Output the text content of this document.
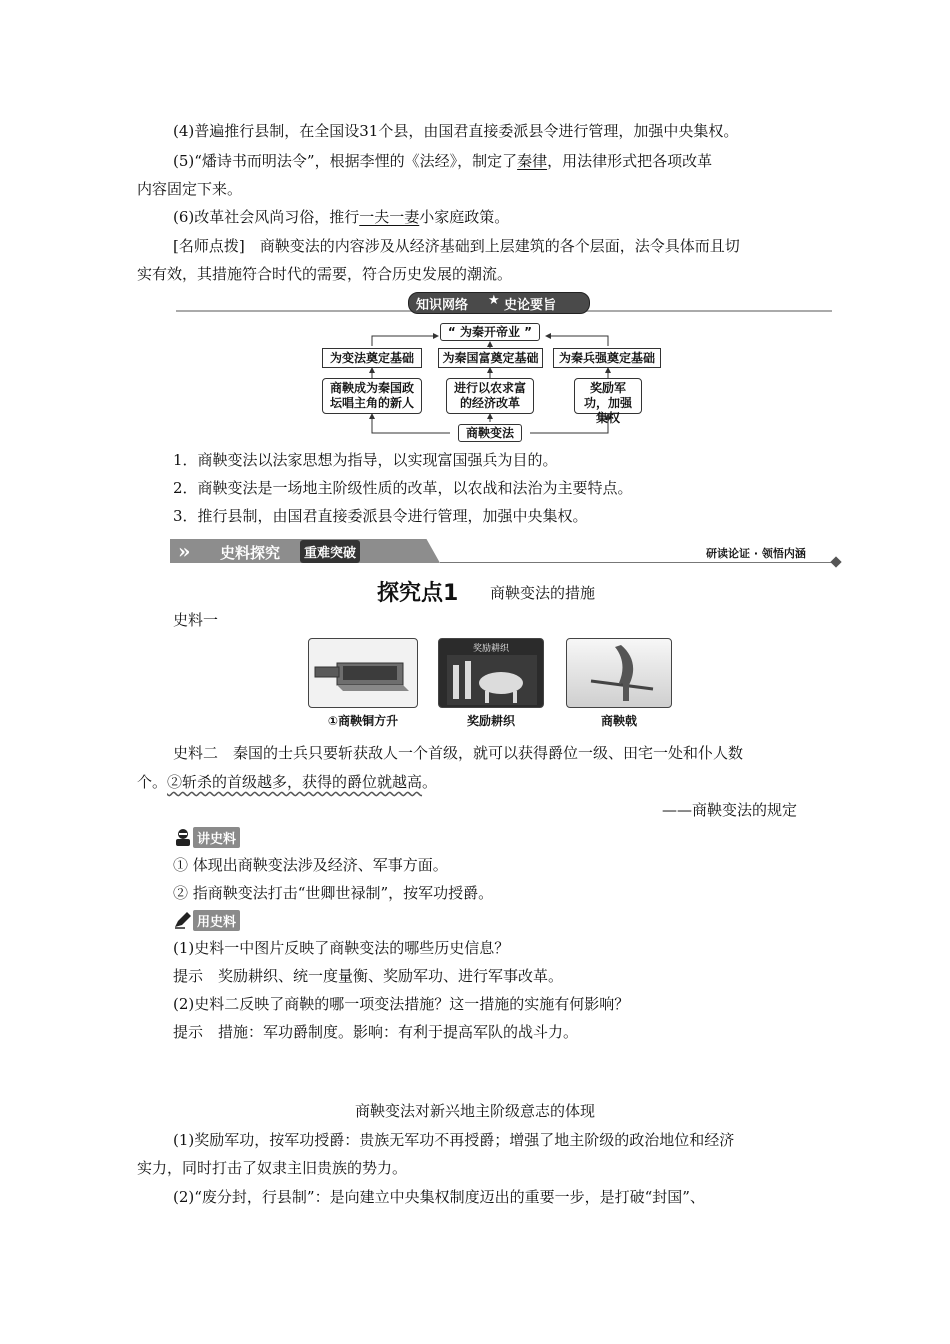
(4)普遍推行县制，在全国设31个县，由国君直接委派县令进行管理，加强中央集权。
(5)“燔诗书而明法令”，根据李悝的《法经》，制定了秦律，用法律形式把各项改革
内容固定下来。
(6)改革社会风尚习俗，推行一夫一妻小家庭政策。
[名师点拨]　商鞅变法的内容涉及从经济基础到上层建筑的各个层面，法令具体而且切
实有效，其措施符合时代的需要，符合历史发展的潮流。
知识网络 ★ 史论要旨
“ 为秦开帝业 ”
为变法奠定基础	为秦国富奠定基础	为秦兵强奠定基础
商鞅成为秦国政坛唱主角的新人
进行以农求富的经济改革
奖励军功，加强集权
商鞅变法
1．商鞅变法以法家思想为指导，以实现富国强兵为目的。
2．商鞅变法是一场地主阶级性质的改革，以农战和法治为主要特点。
3．推行县制，由国君直接委派县令进行管理，加强中央集权。
» 史料探究	重难突破	研读论证 · 领悟内涵
探究点1 商鞅变法的措施
史料一
奖励耕织
①商鞅铜方升	奖励耕织	商鞅戟
史料二　秦国的士兵只要斩获敌人一个首级，就可以获得爵位一级、田宅一处和仆人数
个。②斩杀的首级越多，获得的爵位就越高。
——商鞅变法的规定
讲史料
① 体现出商鞅变法涉及经济、军事方面。
② 指商鞅变法打击“世卿世禄制”，按军功授爵。
用史料
(1)史料一中图片反映了商鞅变法的哪些历史信息？
提示　奖励耕织、统一度量衡、奖励军功、进行军事改革。
(2)史料二反映了商鞅的哪一项变法措施？这一措施的实施有何影响？
提示　措施：军功爵制度。影响：有利于提高军队的战斗力。
商鞅变法对新兴地主阶级意志的体现
(1)奖励军功，按军功授爵：贵族无军功不再授爵；增强了地主阶级的政治地位和经济
实力，同时打击了奴隶主旧贵族的势力。
(2)“废分封，行县制”：是向建立中央集权制度迈出的重要一步，是打破“封国”、
